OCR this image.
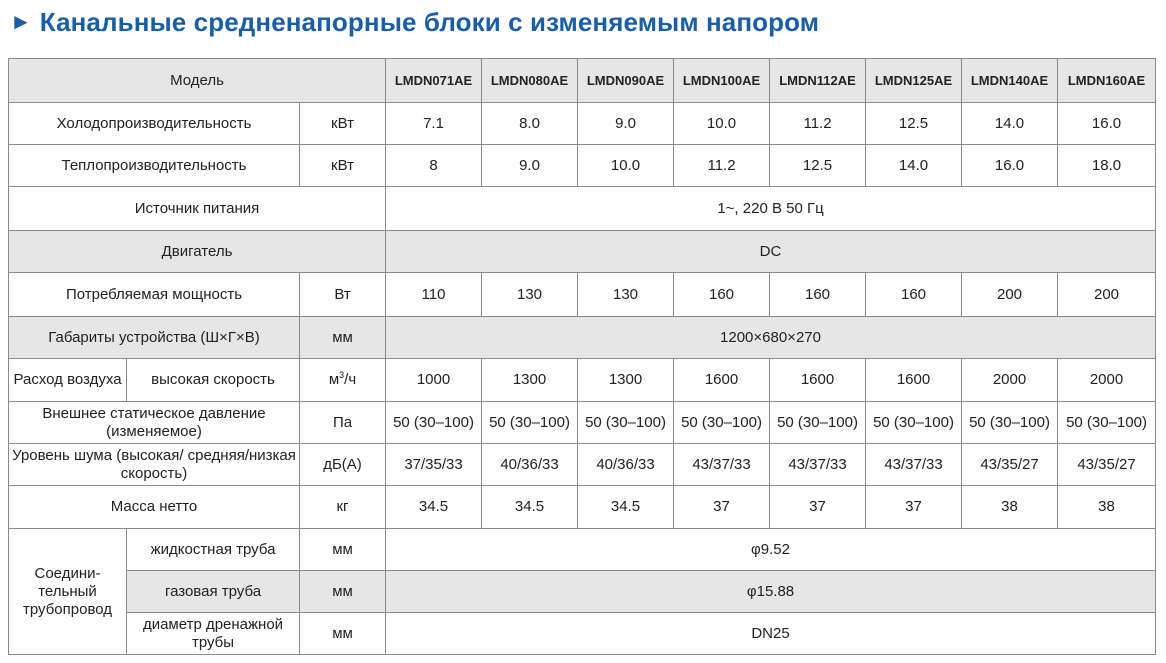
► Канальные средненапорные блоки с изменяемым напором
Модель			LMDN071AE	LMDN080AE	LMDN090AE	LMDN100AE	LMDN112AE	LMDN125AE	LMDN140AE	LMDN160AE
Холодопроизводительность		кВт	7.1	8.0	9.0	10.0	11.2	12.5	14.0	16.0
Теплопроизводительность		кВт	8	9.0	10.0	11.2	12.5	14.0	16.0	18.0
Источник питания			1~, 220 В 50 Гц							
Двигатель			DC							
Потребляемая мощность		Вт	110	130	130	160	160	160	200	200
Габариты устройства (Ш×Г×В)		мм	1200×680×270							
Расход воздуха	высокая скорость	$м^3/ч$	1000	1300	1300	1600	1600	1600	2000	2000
Внешнее статическое давление (изменяемое)		Па	50 (30–100)	50 (30–100)	50 (30–100)	50 (30–100)	50 (30–100)	50 (30–100)	50 (30–100)	50 (30–100)
Уровень шума (высокая/ средняя/низкая скорость)		дБ(А)	37/35/33	40/36/33	40/36/33	43/37/33	43/37/33	43/37/33	43/35/27	43/35/27
Масса нетто		кг	34.5	34.5	34.5	37	37	37	38	38
Соедини- тельный трубопровод	жидкостная труба	мм	φ9.52							
	газовая труба	мм	φ15.88							
	диаметр дренажной трубы	мм	DN25							
